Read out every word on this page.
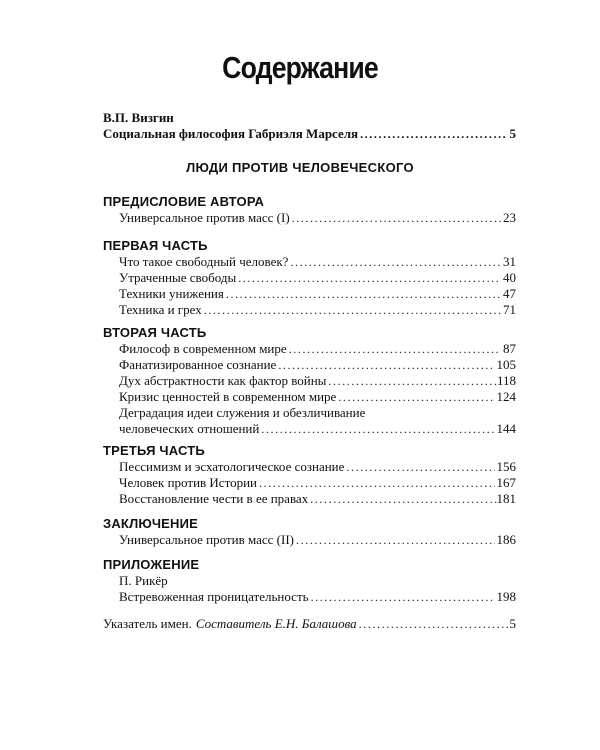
Содержание
В.П. Визгин
Социальная философия Габриэля Марселя .....	5
ЛЮДИ ПРОТИВ ЧЕЛОВЕЧЕСКОГО
ПРЕДИСЛОВИЕ АВТОРА
Универсальное против масс (I) .....	23
ПЕРВАЯ ЧАСТЬ
Что такое свободный человек? .....	31
Утраченные свободы .....	40
Техники унижения .....	47
Техника и грех .....	71
ВТОРАЯ ЧАСТЬ
Философ в современном мире .....	87
Фанатизированное сознание .....	105
Дух абстрактности как фактор войны .....	118
Кризис ценностей в современном мире .....	124
Деградация идеи служения и обезличивание
человеческих отношений .....	144
ТРЕТЬЯ ЧАСТЬ
Пессимизм и эсхатологическое сознание .....	156
Человек против Истории .....	167
Восстановление чести в ее правах .....	181
ЗАКЛЮЧЕНИЕ
Универсальное против масс (II) .....	186
ПРИЛОЖЕНИЕ
П. Рикёр
Встревоженная проницательность .....	198
Указатель имен. Составитель Е.Н. Балашова .....	5
